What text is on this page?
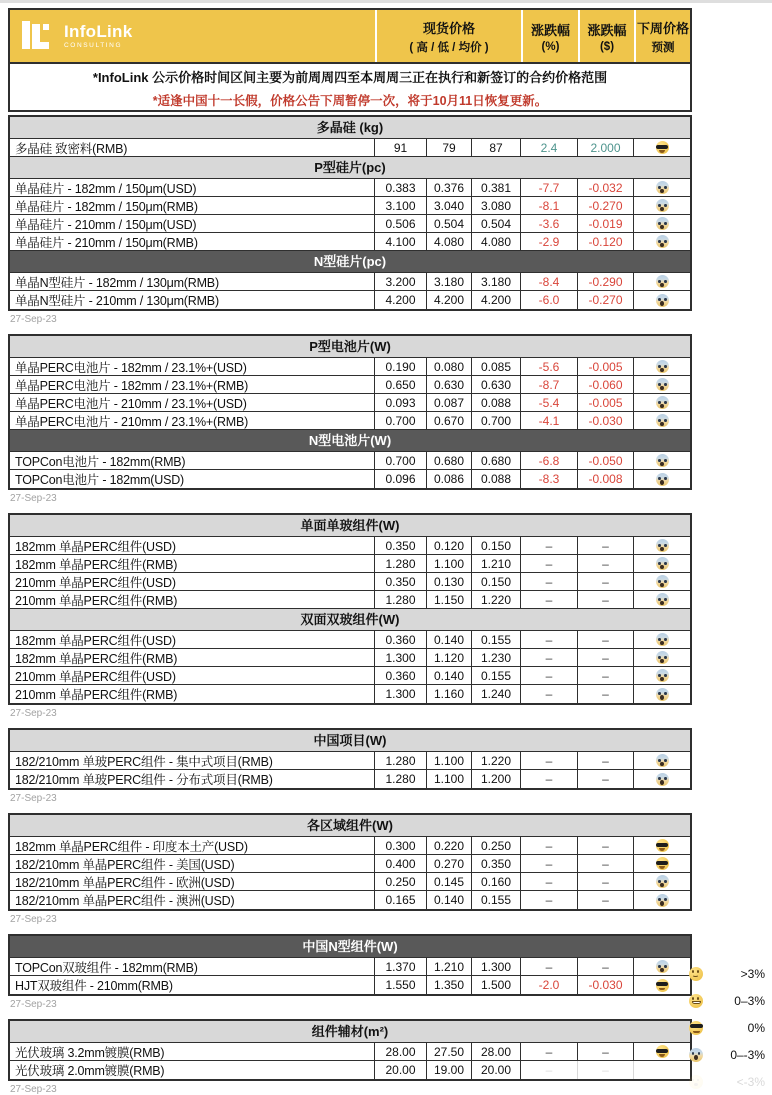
InfoLink
CONSULTING
现货价格
( 高 / 低 / 均价 )
涨跌幅
(%)
涨跌幅
($)
下周价格
预测
*InfoLink 公示价格时间区间主要为前周周四至本周周三正在执行和新签订的合约价格范围
*适逢中国十一长假，价格公告下周暂停一次，将于10月11日恢复更新。
多晶硅 (kg)
多晶硅 致密料(RMB)	91	79	87	2.4	2.000
P型硅片(pc)
单晶硅片 - 182mm / 150μm(USD)	0.383	0.376	0.381	-7.7	-0.032
单晶硅片 - 182mm / 150μm(RMB)	3.100	3.040	3.080	-8.1	-0.270
单晶硅片 - 210mm / 150μm(USD)	0.506	0.504	0.504	-3.6	-0.019
单晶硅片 - 210mm / 150μm(RMB)	4.100	4.080	4.080	-2.9	-0.120
N型硅片(pc)
单晶N型硅片 - 182mm / 130μm(RMB)	3.200	3.180	3.180	-8.4	-0.290
单晶N型硅片 - 210mm / 130μm(RMB)	4.200	4.200	4.200	-6.0	-0.270
27-Sep-23
P型电池片(W)
单晶PERC电池片 - 182mm / 23.1%+(USD)	0.190	0.080	0.085	-5.6	-0.005
单晶PERC电池片 - 182mm / 23.1%+(RMB)	0.650	0.630	0.630	-8.7	-0.060
单晶PERC电池片 - 210mm / 23.1%+(USD)	0.093	0.087	0.088	-5.4	-0.005
单晶PERC电池片 - 210mm / 23.1%+(RMB)	0.700	0.670	0.700	-4.1	-0.030
N型电池片(W)
TOPCon电池片 - 182mm(RMB)	0.700	0.680	0.680	-6.8	-0.050
TOPCon电池片 - 182mm(USD)	0.096	0.086	0.088	-8.3	-0.008
27-Sep-23
单面单玻组件(W)
182mm 单晶PERC组件(USD)	0.350	0.120	0.150	–	–
182mm 单晶PERC组件(RMB)	1.280	1.100	1.210	–	–
210mm 单晶PERC组件(USD)	0.350	0.130	0.150	–	–
210mm 单晶PERC组件(RMB)	1.280	1.150	1.220	–	–
双面双玻组件(W)
182mm 单晶PERC组件(USD)	0.360	0.140	0.155	–	–
182mm 单晶PERC组件(RMB)	1.300	1.120	1.230	–	–
210mm 单晶PERC组件(USD)	0.360	0.140	0.155	–	–
210mm 单晶PERC组件(RMB)	1.300	1.160	1.240	–	–
27-Sep-23
中国项目(W)
182/210mm 单玻PERC组件 - 集中式项目(RMB)	1.280	1.100	1.220	–	–
182/210mm 单玻PERC组件 - 分布式项目(RMB)	1.280	1.100	1.200	–	–
27-Sep-23
各区域组件(W)
182mm 单晶PERC组件 - 印度本土产(USD)	0.300	0.220	0.250	–	–
182/210mm 单晶PERC组件 - 美国(USD)	0.400	0.270	0.350	–	–
182/210mm 单晶PERC组件 - 欧洲(USD)	0.250	0.145	0.160	–	–
182/210mm 单晶PERC组件 - 澳洲(USD)	0.165	0.140	0.155	–	–
27-Sep-23
中国N型组件(W)
TOPCon双玻组件 - 182mm(RMB)	1.370	1.210	1.300	–	–
HJT双玻组件 - 210mm(RMB)	1.550	1.350	1.500	-2.0	-0.030
27-Sep-23
组件辅材(m²)
光伏玻璃 3.2mm镀膜(RMB)	28.00	27.50	28.00	–	–
光伏玻璃 2.0mm镀膜(RMB)	20.00	19.00	20.00	–	–
27-Sep-23
>3%
0–3%
0%
0–-3%
<-3%
